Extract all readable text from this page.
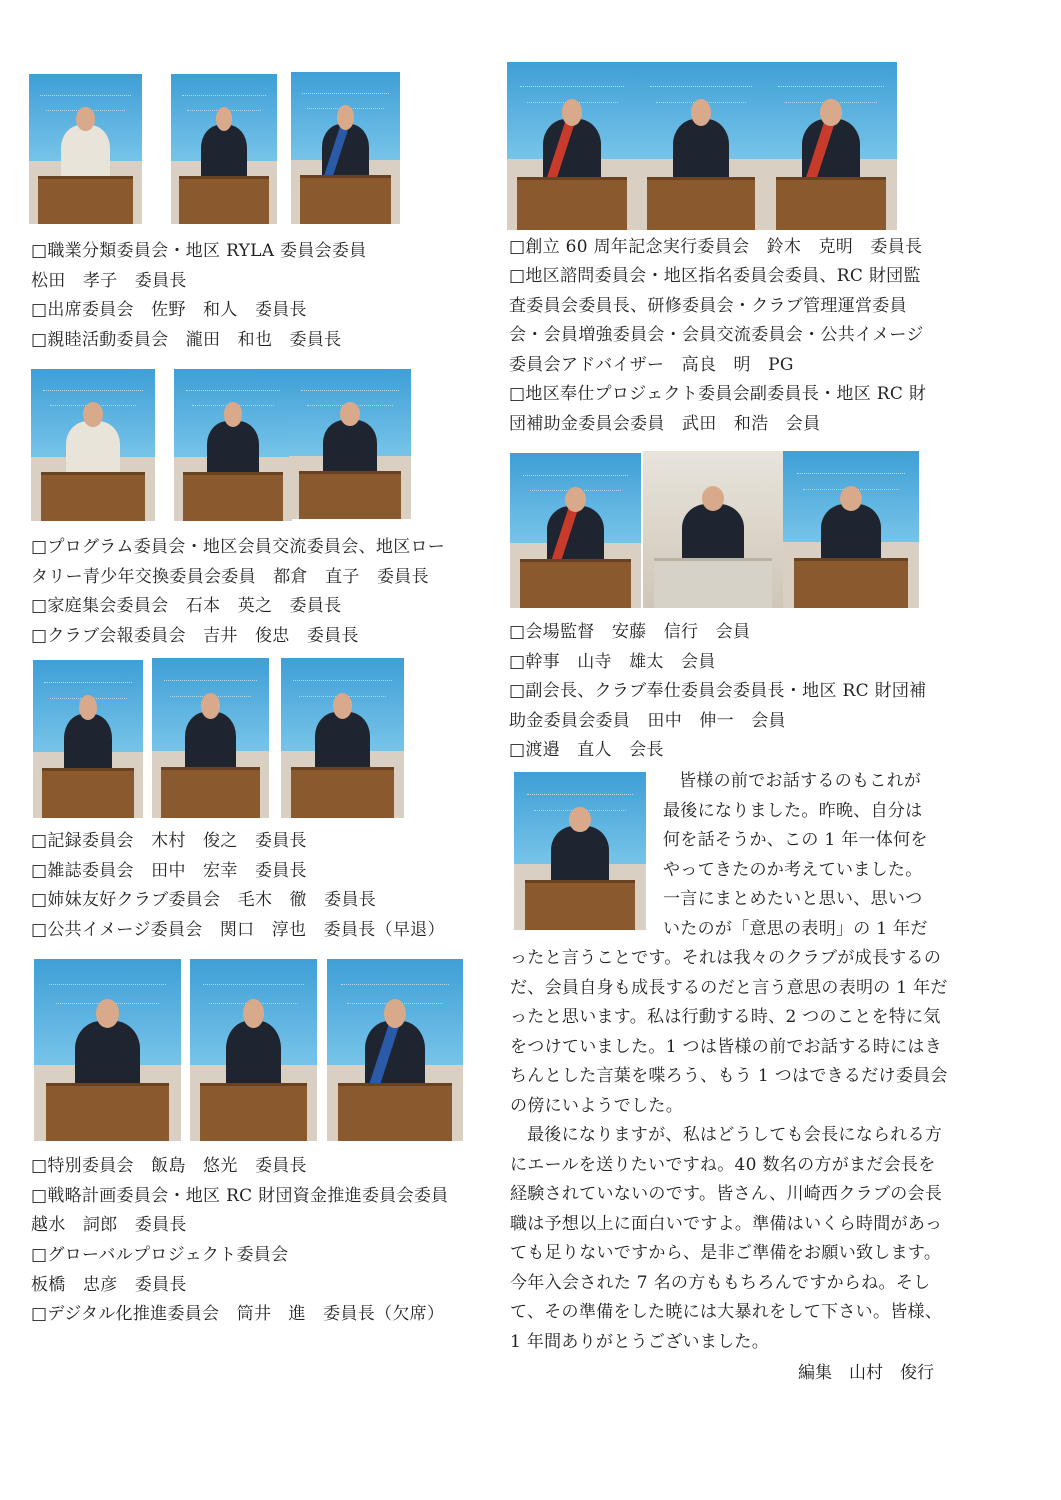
□職業分類委員会・地区 RYLA 委員会委員
松田　孝子　委員長
□出席委員会　佐野　和人　委員長
□親睦活動委員会　瀧田　和也　委員長
□プログラム委員会・地区会員交流委員会、地区ロー
タリー青少年交換委員会委員　都倉　直子　委員長
□家庭集会委員会　石本　英之　委員長
□クラブ会報委員会　吉井　俊忠　委員長
□記録委員会　木村　俊之　委員長
□雑誌委員会　田中　宏幸　委員長
□姉妹友好クラブ委員会　毛木　徹　委員長
□公共イメージ委員会　関口　淳也　委員長（早退）
□特別委員会　飯島　悠光　委員長
□戦略計画委員会・地区 RC 財団資金推進委員会委員
越水　詞郎　委員長
□グローバルプロジェクト委員会
板橋　忠彦　委員長
□デジタル化推進委員会　筒井　進　委員長（欠席）
□創立 60 周年記念実行委員会　鈴木　克明　委員長
□地区諮問委員会・地区指名委員会委員、RC 財団監
査委員会委員長、研修委員会・クラブ管理運営委員
会・会員増強委員会・会員交流委員会・公共イメージ
委員会アドバイザー　高良　明　PG
□地区奉仕プロジェクト委員会副委員長・地区 RC 財
団補助金委員会委員　武田　和浩　会員
□会場監督　安藤　信行　会員
□幹事　山寺　雄太　会員
□副会長、クラブ奉仕委員会委員長・地区 RC 財団補
助金委員会委員　田中　伸一　会員
□渡邉　直人　会長
皆様の前でお話するのもこれが
最後になりました。昨晩、自分は
何を話そうか、この 1 年一体何を
やってきたのか考えていました。
一言にまとめたいと思い、思いつ
いたのが「意思の表明」の 1 年だ

ったと言うことです。それは我々のクラブが成長するのだ、会員自身も成長するのだと言う意思の表明の 1 年だったと思います。私は行動する時、2 つのことを特に気をつけていました。1 つは皆様の前でお話する時にはきちんとした言葉を喋ろう、もう 1 つはできるだけ委員会の傍にいようでした。

最後になりますが、私はどうしても会長になられる方にエールを送りたいですね。40 数名の方がまだ会長を経験されていないのです。皆さん、川崎西クラブの会長職は予想以上に面白いですよ。準備はいくら時間があっても足りないですから、是非ご準備をお願い致します。今年入会された 7 名の方ももちろんですからね。そして、その準備をした暁には大暴れをして下さい。皆様、1 年間ありがとうございました。

編集　山村　俊行
